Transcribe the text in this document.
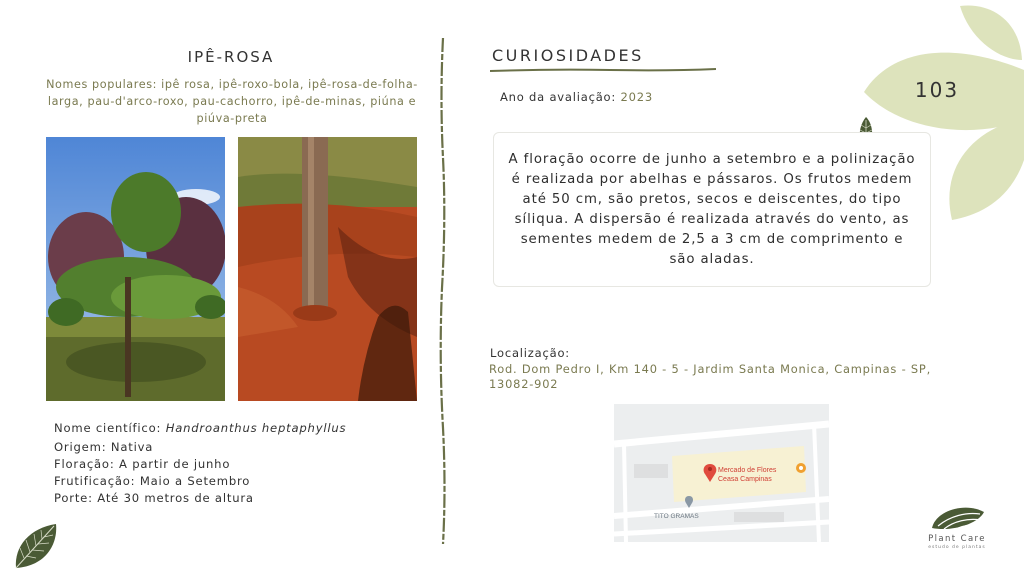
103
IPÊ-ROSA
Nomes populares: ipê rosa, ipê-roxo-bola, ipê-rosa-de-folha-larga, pau-d'arco-roxo, pau-cachorro, ipê-de-minas, piúna e piúva-preta
Nome científico: Handroanthus heptaphyllus
Origem: Nativa
Floração: A partir de junho
Frutificação: Maio a Setembro
Porte: Até 30 metros de altura
CURIOSIDADES
Ano da avaliação: 2023
A floração ocorre de junho a setembro e a polinização é realizada por abelhas e pássaros. Os frutos medem até 50 cm, são pretos, secos e deiscentes, do tipo síliqua. A dispersão é realizada através do vento, as sementes medem de 2,5 a 3 cm de comprimento e são aladas.
Localização:
Rod. Dom Pedro I, Km 140 - 5 - Jardim Santa Monica, Campinas - SP, 13082-902
Mercado de Flores
Ceasa Campinas
TITO GRAMAS
Plant Care
estudo de plantas
